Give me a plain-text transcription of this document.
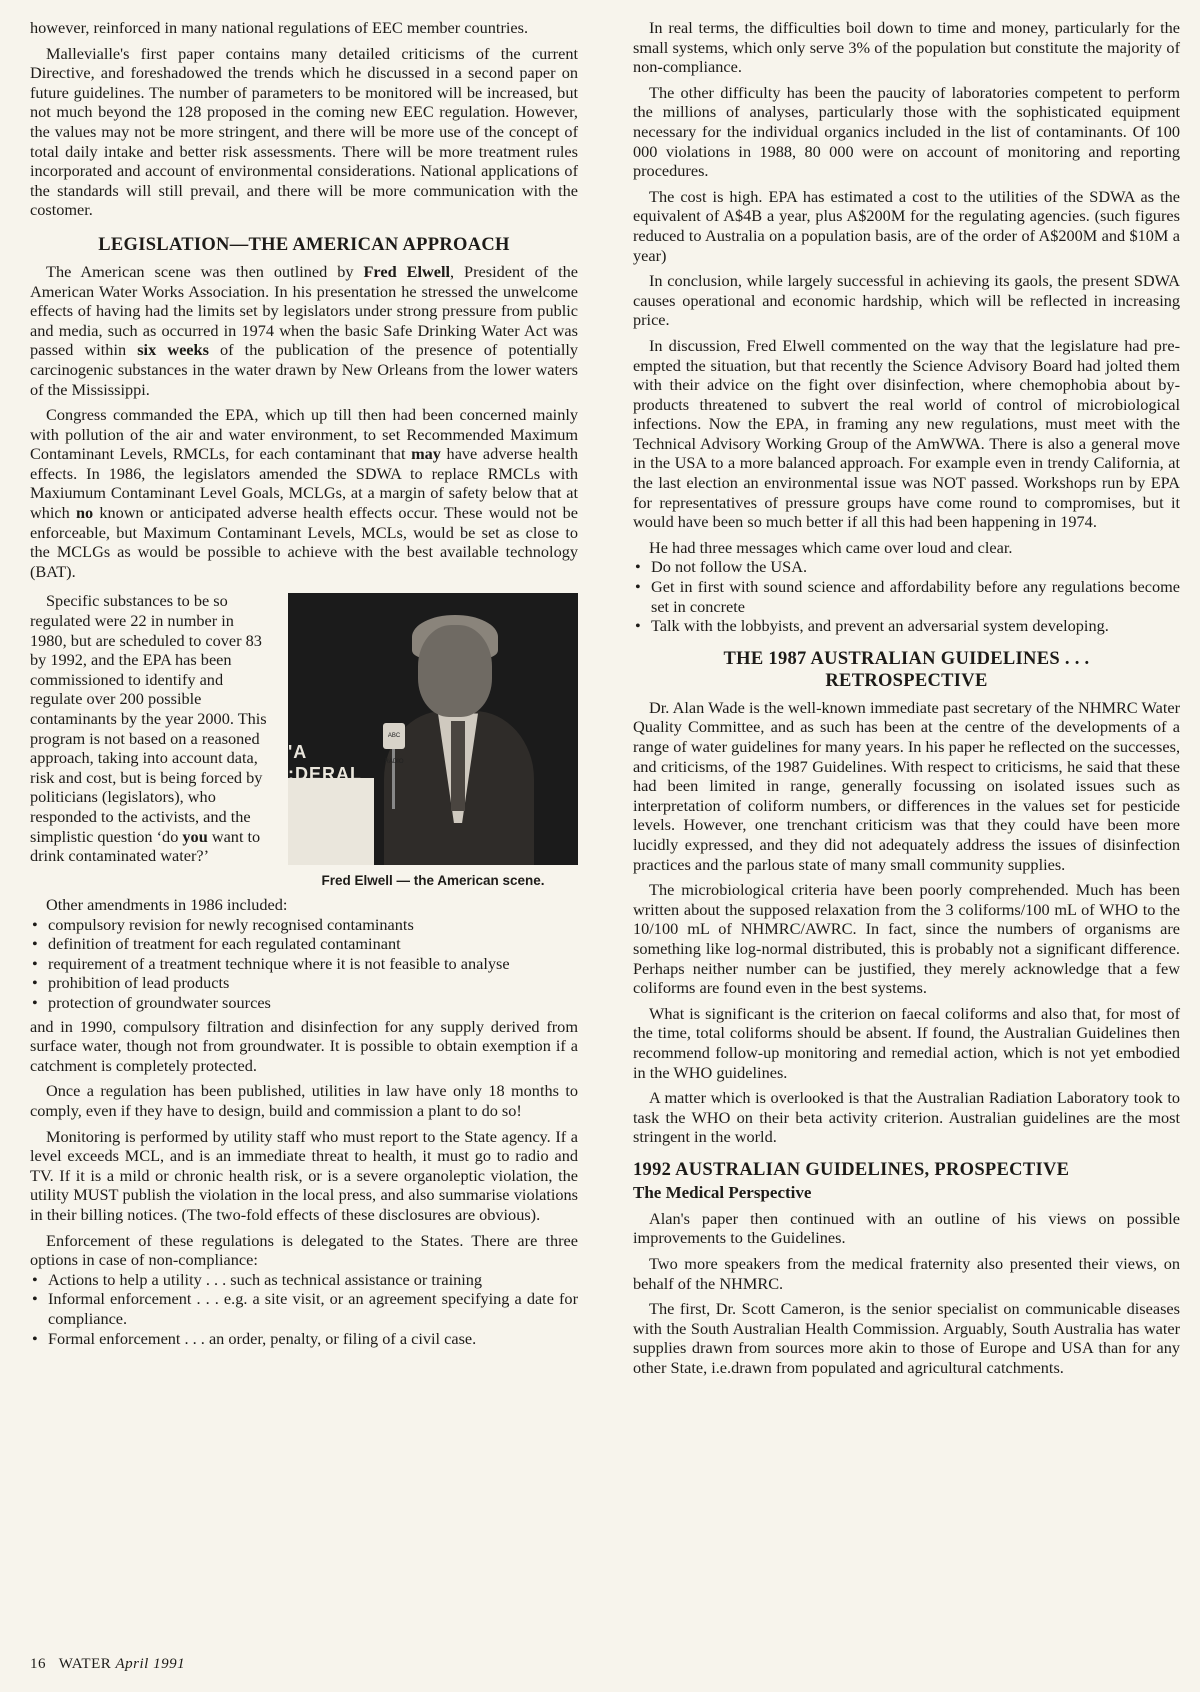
however, reinforced in many national regulations of EEC member countries.

Mallevialle's first paper contains many detailed criticisms of the current Directive, and foreshadowed the trends which he discussed in a second paper on future guidelines. The number of parameters to be monitored will be increased, but not much beyond the 128 proposed in the coming new EEC regulation. However, the values may not be more stringent, and there will be more use of the concept of total daily intake and better risk assessments. There will be more treatment rules incorporated and account of environmental considerations. National applications of the standards will still prevail, and there will be more communication with the costomer.

LEGISLATION—THE AMERICAN APPROACH

The American scene was then outlined by Fred Elwell, President of the American Water Works Association. In his presentation he stressed the unwelcome effects of having had the limits set by legislators under strong pressure from public and media, such as occurred in 1974 when the basic Safe Drinking Water Act was passed within six weeks of the publication of the presence of potentially carcinogenic substances in the water drawn by New Orleans from the lower waters of the Mississippi.

Congress commanded the EPA, which up till then had been concerned mainly with pollution of the air and water environment, to set Recommended Maximum Contaminant Levels, RMCLs, for each contaminant that may have adverse health effects. In 1986, the legislators amended the SDWA to replace RMCLs with Maxiumum Contaminant Level Goals, MCLGs, at a margin of safety below that at which no known or anticipated adverse health effects occur. These would not be enforceable, but Maximum Contaminant Levels, MCLs, would be set as close to the MCLGs as would be possible to achieve with the best available technology (BAT).

'A
:DERAL
ENTION
ABC RADIO
Fred Elwell — the American scene.

Specific substances to be so regulated were 22 in number in 1980, but are scheduled to cover 83 by 1992, and the EPA has been commissioned to identify and regulate over 200 possible contaminants by the year 2000. This program is not based on a reasoned approach, taking into account data, risk and cost, but is being forced by politicians (legislators), who responded to the activists, and the simplistic question ‘do you want to drink contaminated water?’

Other amendments in 1986 included:

• compulsory revision for newly recognised contaminants
• definition of treatment for each regulated contaminant
• requirement of a treatment technique where it is not feasible to analyse
• prohibition of lead products
• protection of groundwater sources

and in 1990, compulsory filtration and disinfection for any supply derived from surface water, though not from groundwater. It is possible to obtain exemption if a catchment is completely protected.

Once a regulation has been published, utilities in law have only 18 months to comply, even if they have to design, build and commission a plant to do so!

Monitoring is performed by utility staff who must report to the State agency. If a level exceeds MCL, and is an immediate threat to health, it must go to radio and TV. If it is a mild or chronic health risk, or is a severe organoleptic violation, the utility MUST publish the violation in the local press, and also summarise violations in their billing notices. (The two-fold effects of these disclosures are obvious).

Enforcement of these regulations is delegated to the States. There are three options in case of non-compliance:

• Actions to help a utility . . . such as technical assistance or training
• Informal enforcement . . . e.g. a site visit, or an agreement specifying a date for compliance.
• Formal enforcement . . . an order, penalty, or filing of a civil case.

In real terms, the difficulties boil down to time and money, particularly for the small systems, which only serve 3% of the population but constitute the majority of non-compliance.

The other difficulty has been the paucity of laboratories competent to perform the millions of analyses, particularly those with the sophisticated equipment necessary for the individual organics included in the list of contaminants. Of 100 000 violations in 1988, 80 000 were on account of monitoring and reporting procedures.

The cost is high. EPA has estimated a cost to the utilities of the SDWA as the equivalent of A$4B a year, plus A$200M for the regulating agencies. (such figures reduced to Australia on a population basis, are of the order of A$200M and $10M a year)

In conclusion, while largely successful in achieving its gaols, the present SDWA causes operational and economic hardship, which will be reflected in increasing price.

In discussion, Fred Elwell commented on the way that the legislature had pre-empted the situation, but that recently the Science Advisory Board had jolted them with their advice on the fight over disinfection, where chemophobia about by-products threatened to subvert the real world of control of microbiological infections. Now the EPA, in framing any new regulations, must meet with the Technical Advisory Working Group of the AmWWA. There is also a general move in the USA to a more balanced approach. For example even in trendy California, at the last election an environmental issue was NOT passed. Workshops run by EPA for representatives of pressure groups have come round to compromises, but it would have been so much better if all this had been happening in 1974.

He had three messages which came over loud and clear.

• Do not follow the USA.
• Get in first with sound science and affordability before any regulations become set in concrete
• Talk with the lobbyists, and prevent an adversarial system developing.
THE 1987 AUSTRALIAN GUIDELINES . . .
RETROSPECTIVE

Dr. Alan Wade is the well-known immediate past secretary of the NHMRC Water Quality Committee, and as such has been at the centre of the developments of a range of water guidelines for many years. In his paper he reflected on the successes, and criticisms, of the 1987 Guidelines. With respect to criticisms, he said that these had been limited in range, generally focussing on isolated issues such as interpretation of coliform numbers, or differences in the values set for pesticide levels. However, one trenchant criticism was that they could have been more lucidly expressed, and they did not adequately address the issues of disinfection practices and the parlous state of many small community supplies.

The microbiological criteria have been poorly comprehended. Much has been written about the supposed relaxation from the 3 coliforms/100 mL of WHO to the 10/100 mL of NHMRC/AWRC. In fact, since the numbers of organisms are something like log-normal distributed, this is probably not a significant difference. Perhaps neither number can be justified, they merely acknowledge that a few coliforms are found even in the best systems.

What is significant is the criterion on faecal coliforms and also that, for most of the time, total coliforms should be absent. If found, the Australian Guidelines then recommend follow-up monitoring and remedial action, which is not yet embodied in the WHO guidelines.

A matter which is overlooked is that the Australian Radiation Laboratory took to task the WHO on their beta activity criterion. Australian guidelines are the most stringent in the world.

1992 AUSTRALIAN GUIDELINES, PROSPECTIVE
The Medical Perspective

Alan's paper then continued with an outline of his views on possible improvements to the Guidelines.

Two more speakers from the medical fraternity also presented their views, on behalf of the NHMRC.

The first, Dr. Scott Cameron, is the senior specialist on communicable diseases with the South Australian Health Commission. Arguably, South Australia has water supplies drawn from sources more akin to those of Europe and USA than for any other State, i.e.drawn from populated and agricultural catchments.

16 WATER April 1991
